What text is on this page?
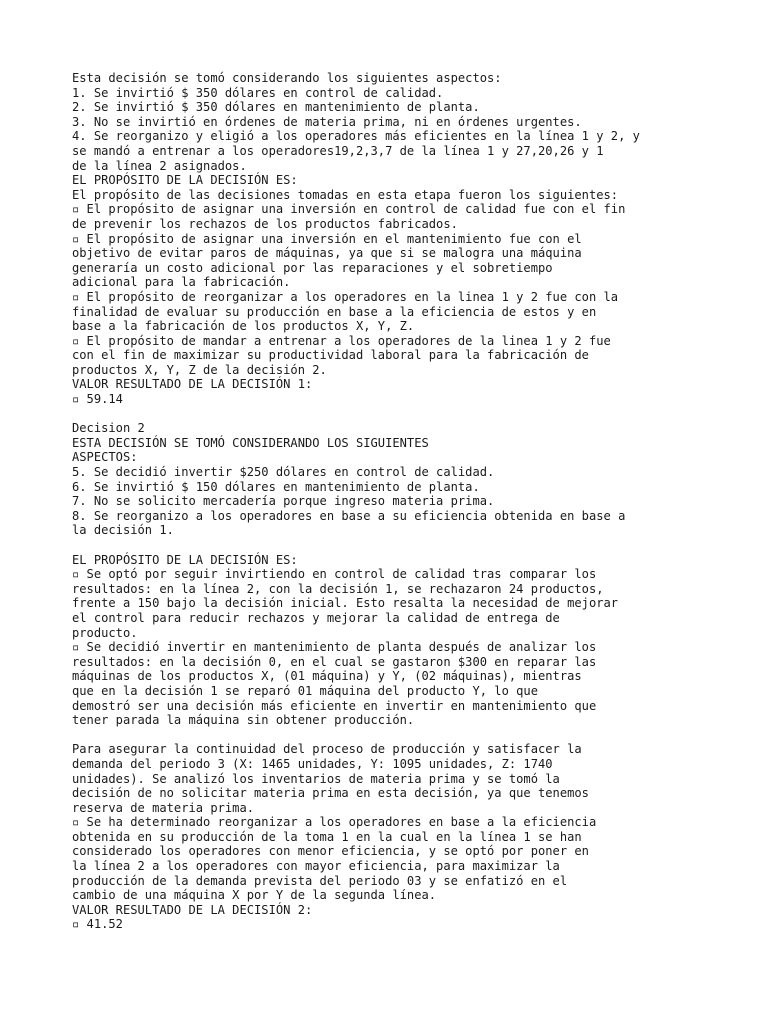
Esta decisión se tomó considerando los siguientes aspectos:
1. Se invirtió $ 350 dólares en control de calidad.
2. Se invirtió $ 350 dólares en mantenimiento de planta.
3. No se invirtió en órdenes de materia prima, ni en órdenes urgentes.
4. Se reorganizo y eligió a los operadores más eficientes en la línea 1 y 2, y
se mandó a entrenar a los operadores19,2,3,7 de la línea 1 y 27,20,26 y 1
de la línea 2 asignados.
EL PROPÓSITO DE LA DECISIÓN ES:
El propósito de las decisiones tomadas en esta etapa fueron los siguientes:
▫ El propósito de asignar una inversión en control de calidad fue con el fin
de prevenir los rechazos de los productos fabricados.
▫ El propósito de asignar una inversión en el mantenimiento fue con el
objetivo de evitar paros de máquinas, ya que si se malogra una máquina
generaría un costo adicional por las reparaciones y el sobretiempo
adicional para la fabricación.
▫ El propósito de reorganizar a los operadores en la linea 1 y 2 fue con la
finalidad de evaluar su producción en base a la eficiencia de estos y en
base a la fabricación de los productos X, Y, Z.
▫ El propósito de mandar a entrenar a los operadores de la linea 1 y 2 fue
con el fin de maximizar su productividad laboral para la fabricación de
productos X, Y, Z de la decisión 2.
VALOR RESULTADO DE LA DECISIÓN 1:
▫ 59.14
Decision 2
ESTA DECISIÓN SE TOMÓ CONSIDERANDO LOS SIGUIENTES
ASPECTOS:
5. Se decidió invertir $250 dólares en control de calidad.
6. Se invirtió $ 150 dólares en mantenimiento de planta.
7. No se solicito mercadería porque ingreso materia prima.
8. Se reorganizo a los operadores en base a su eficiencia obtenida en base a
la decisión 1.
EL PROPÓSITO DE LA DECISIÓN ES:
▫ Se optó por seguir invirtiendo en control de calidad tras comparar los
resultados: en la línea 2, con la decisión 1, se rechazaron 24 productos,
frente a 150 bajo la decisión inicial. Esto resalta la necesidad de mejorar
el control para reducir rechazos y mejorar la calidad de entrega de
producto.
▫ Se decidió invertir en mantenimiento de planta después de analizar los
resultados: en la decisión 0, en el cual se gastaron $300 en reparar las
máquinas de los productos X, (01 máquina) y Y, (02 máquinas), mientras
que en la decisión 1 se reparó 01 máquina del producto Y, lo que
demostró ser una decisión más eficiente en invertir en mantenimiento que
tener parada la máquina sin obtener producción.
Para asegurar la continuidad del proceso de producción y satisfacer la
demanda del periodo 3 (X: 1465 unidades, Y: 1095 unidades, Z: 1740
unidades). Se analizó los inventarios de materia prima y se tomó la
decisión de no solicitar materia prima en esta decisión, ya que tenemos
reserva de materia prima.
▫ Se ha determinado reorganizar a los operadores en base a la eficiencia
obtenida en su producción de la toma 1 en la cual en la línea 1 se han
considerado los operadores con menor eficiencia, y se optó por poner en
la línea 2 a los operadores con mayor eficiencia, para maximizar la
producción de la demanda prevista del periodo 03 y se enfatizó en el
cambio de una máquina X por Y de la segunda línea.
VALOR RESULTADO DE LA DECISIÓN 2:
▫ 41.52
